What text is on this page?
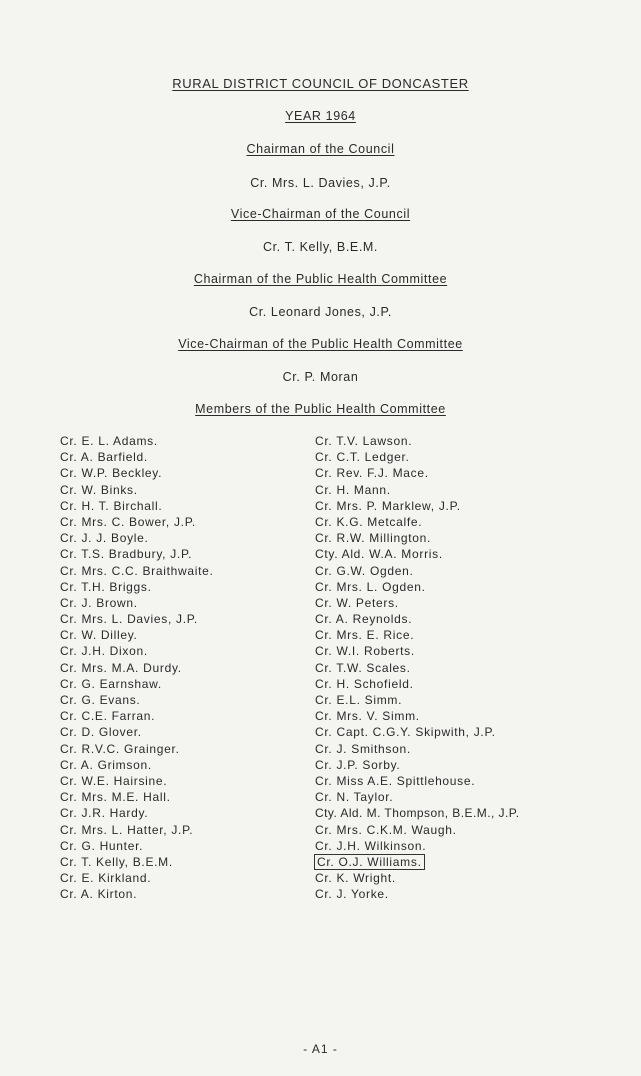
RURAL DISTRICT COUNCIL OF DONCASTER
YEAR 1964
Chairman of the Council
Cr. Mrs. L. Davies, J.P.
Vice-Chairman of the Council
Cr. T. Kelly, B.E.M.
Chairman of the Public Health Committee
Cr. Leonard Jones, J.P.
Vice-Chairman of the Public Health Committee
Cr. P. Moran
Members of the Public Health Committee
Cr. E. L. Adams.
Cr. A. Barfield.
Cr. W.P. Beckley.
Cr. W. Binks.
Cr. H. T. Birchall.
Cr. Mrs. C. Bower, J.P.
Cr. J. J. Boyle.
Cr. T.S. Bradbury, J.P.
Cr. Mrs. C.C. Braithwaite.
Cr. T.H. Briggs.
Cr. J. Brown.
Cr. Mrs. L. Davies, J.P.
Cr. W. Dilley.
Cr. J.H. Dixon.
Cr. Mrs. M.A. Durdy.
Cr. G. Earnshaw.
Cr. G. Evans.
Cr. C.E. Farran.
Cr. D. Glover.
Cr. R.V.C. Grainger.
Cr. A. Grimson.
Cr. W.E. Hairsine.
Cr. Mrs. M.E. Hall.
Cr. J.R. Hardy.
Cr. Mrs. L. Hatter, J.P.
Cr. G. Hunter.
Cr. T. Kelly, B.E.M.
Cr. E. Kirkland.
Cr. A. Kirton.
Cr. T.V. Lawson.
Cr. C.T. Ledger.
Cr. Rev. F.J. Mace.
Cr. H. Mann.
Cr. Mrs. P. Marklew, J.P.
Cr. K.G. Metcalfe.
Cr. R.W. Millington.
Cty. Ald. W.A. Morris.
Cr. G.W. Ogden.
Cr. Mrs. L. Ogden.
Cr. W. Peters.
Cr. A. Reynolds.
Cr. Mrs. E. Rice.
Cr. W.I. Roberts.
Cr. T.W. Scales.
Cr. H. Schofield.
Cr. E.L. Simm.
Cr. Mrs. V. Simm.
Cr. Capt. C.G.Y. Skipwith, J.P.
Cr. J. Smithson.
Cr. J.P. Sorby.
Cr. Miss A.E. Spittlehouse.
Cr. N. Taylor.
Cty. Ald. M. Thompson, B.E.M., J.P.
Cr. Mrs. C.K.M. Waugh.
Cr. J.H. Wilkinson.
Cr. O.J. Williams.
Cr. K. Wright.
Cr. J. Yorke.
- A1 -
